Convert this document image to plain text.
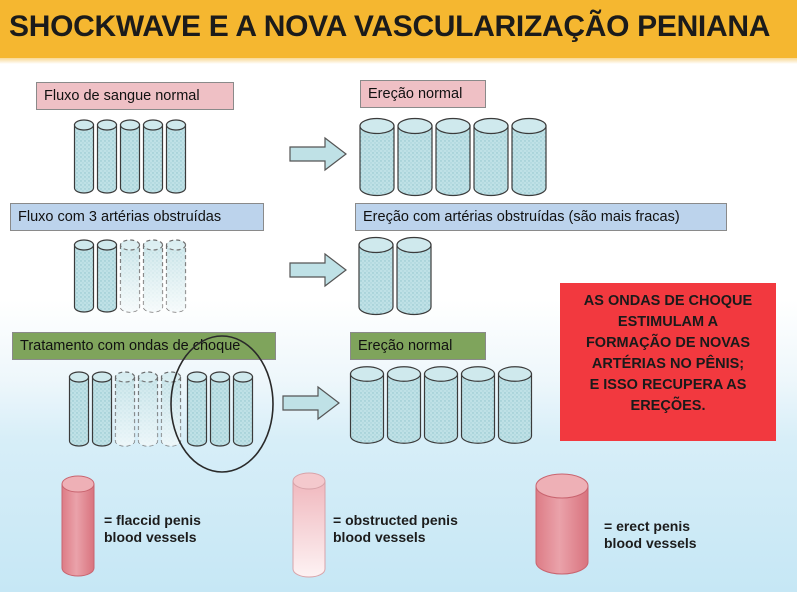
SHOCKWAVE E A NOVA VASCULARIZAÇÃO PENIANA
Fluxo de sangue normal	Ereção normal
Fluxo com 3 artérias obstruídas	Ereção com artérias obstruídas (são mais fracas)
Tratamento com ondas de choque	Ereção normal
AS ONDAS DE CHOQUE
ESTIMULAM A
FORMAÇÃO DE NOVAS
ARTÉRIAS NO PÊNIS;
E ISSO RECUPERA AS
EREÇÕES.
= flaccid penis
blood vessels
= obstructed penis
blood vessels
= erect penis
blood vessels
